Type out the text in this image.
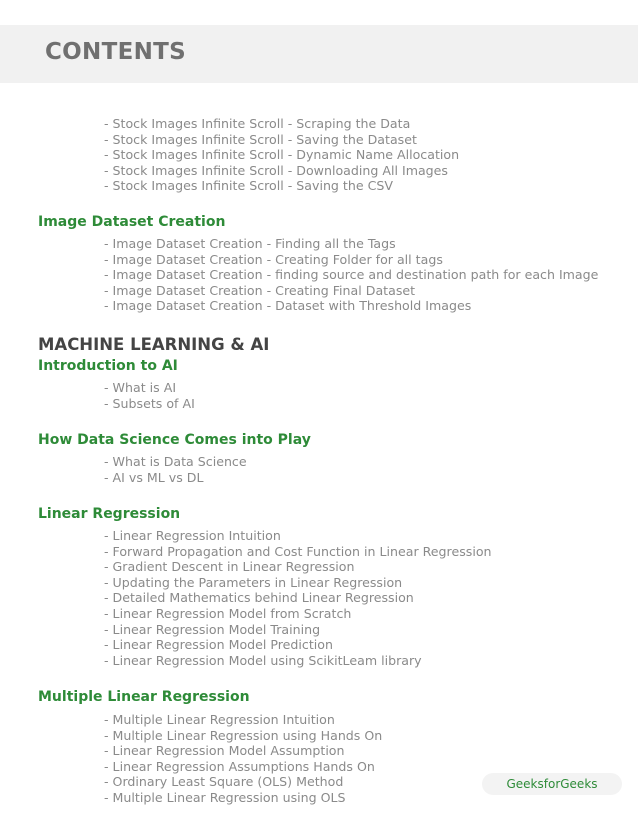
CONTENTS
- Stock Images Infinite Scroll - Scraping the Data
- Stock Images Infinite Scroll - Saving the Dataset
- Stock Images Infinite Scroll - Dynamic Name Allocation
- Stock Images Infinite Scroll - Downloading All Images
- Stock Images Infinite Scroll - Saving the CSV
Image Dataset Creation
- Image Dataset Creation - Finding all the Tags
- Image Dataset Creation - Creating Folder for all tags
- Image Dataset Creation - finding source and destination path for each Image
- Image Dataset Creation - Creating Final Dataset
- Image Dataset Creation - Dataset with Threshold Images
MACHINE LEARNING & AI
Introduction to AI
- What is AI
- Subsets of AI
How Data Science Comes into Play
- What is Data Science
- AI vs ML vs DL
Linear Regression
- Linear Regression Intuition
- Forward Propagation and Cost Function in Linear Regression
- Gradient Descent in Linear Regression
- Updating the Parameters in Linear Regression
- Detailed Mathematics behind Linear Regression
- Linear Regression Model from Scratch
- Linear Regression Model Training
- Linear Regression Model Prediction
- Linear Regression Model using ScikitLeam library
Multiple Linear Regression
- Multiple Linear Regression Intuition
- Multiple Linear Regression using Hands On
- Linear Regression Model Assumption
- Linear Regression Assumptions Hands On
- Ordinary Least Square (OLS) Method
- Multiple Linear Regression using OLS
GeeksforGeeks
